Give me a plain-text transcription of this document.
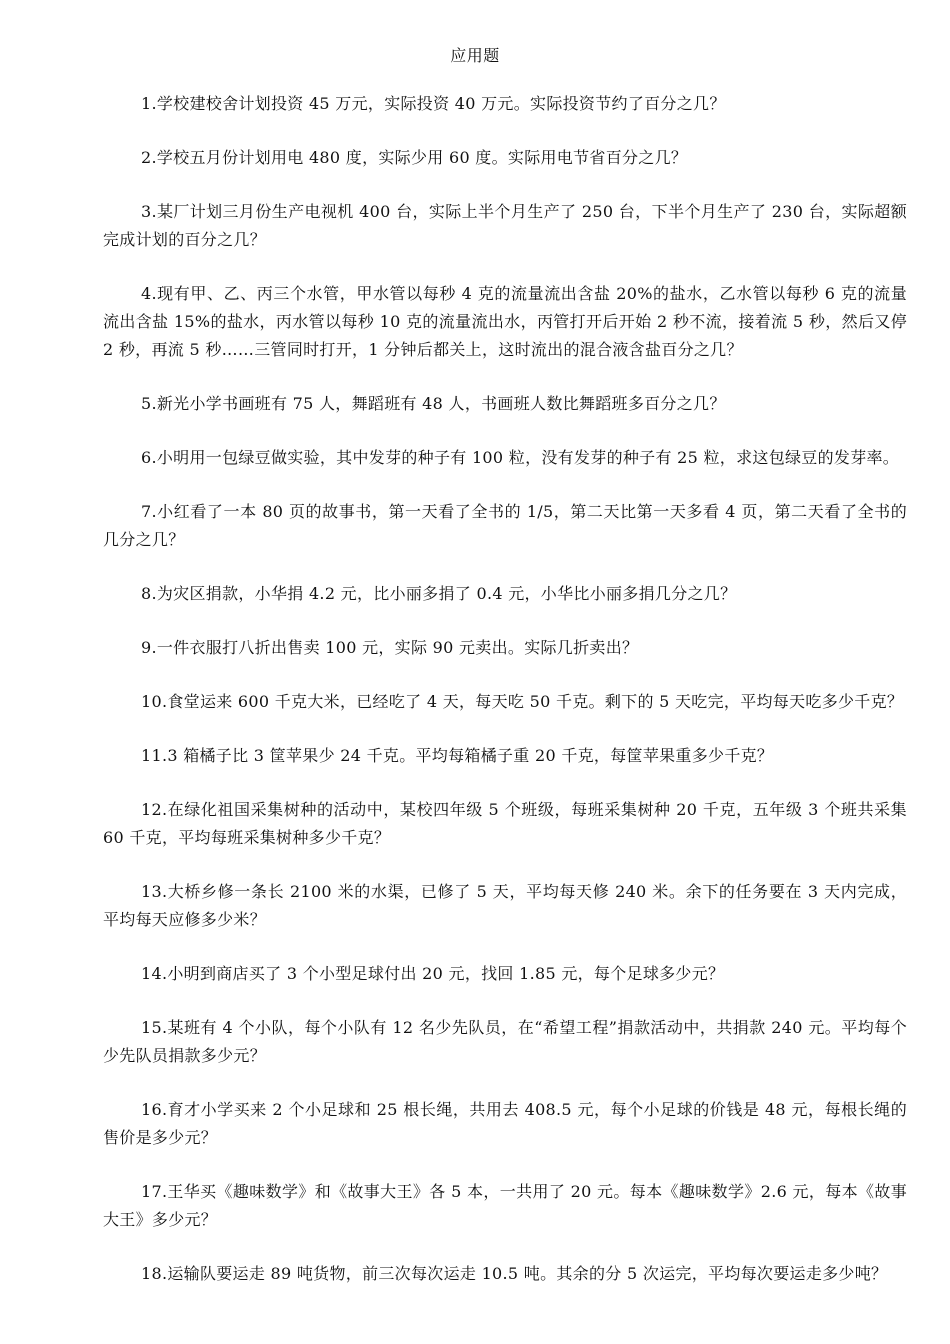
应用题

1.学校建校舍计划投资 45 万元，实际投资 40 万元。实际投资节约了百分之几？

2.学校五月份计划用电 480 度，实际少用 60 度。实际用电节省百分之几？

3.某厂计划三月份生产电视机 400 台，实际上半个月生产了 250 台，下半个月生产了 230 台，实际超额完成计划的百分之几？

4.现有甲、乙、丙三个水管，甲水管以每秒 4 克的流量流出含盐 20%的盐水，乙水管以每秒 6 克的流量流出含盐 15%的盐水，丙水管以每秒 10 克的流量流出水，丙管打开后开始 2 秒不流，接着流 5 秒，然后又停 2 秒，再流 5 秒……三管同时打开，1 分钟后都关上，这时流出的混合液含盐百分之几？

5.新光小学书画班有 75 人，舞蹈班有 48 人，书画班人数比舞蹈班多百分之几？

6.小明用一包绿豆做实验，其中发芽的种子有 100 粒，没有发芽的种子有 25 粒，求这包绿豆的发芽率。

7.小红看了一本 80 页的故事书，第一天看了全书的 1/5，第二天比第一天多看 4 页，第二天看了全书的几分之几？

8.为灾区捐款，小华捐 4.2 元，比小丽多捐了 0.4 元，小华比小丽多捐几分之几？

9.一件衣服打八折出售卖 100 元，实际 90 元卖出。实际几折卖出？

10.食堂运来 600 千克大米，已经吃了 4 天，每天吃 50 千克。剩下的 5 天吃完，平均每天吃多少千克？

11.3 箱橘子比 3 筐苹果少 24 千克。平均每箱橘子重 20 千克，每筐苹果重多少千克？

12.在绿化祖国采集树种的活动中，某校四年级 5 个班级，每班采集树种 20 千克，五年级 3 个班共采集 60 千克，平均每班采集树种多少千克？

13.大桥乡修一条长 2100 米的水渠，已修了 5 天，平均每天修 240 米。余下的任务要在 3 天内完成，平均每天应修多少米？

14.小明到商店买了 3 个小型足球付出 20 元，找回 1.85 元，每个足球多少元？

15.某班有 4 个小队，每个小队有 12 名少先队员，在“希望工程”捐款活动中，共捐款 240 元。平均每个少先队员捐款多少元？

16.育才小学买来 2 个小足球和 25 根长绳，共用去 408.5 元，每个小足球的价钱是 48 元，每根长绳的售价是多少元？

17.王华买《趣味数学》和《故事大王》各 5 本，一共用了 20 元。每本《趣味数学》2.6 元，每本《故事大王》多少元？

18.运输队要运走 89 吨货物，前三次每次运走 10.5 吨。其余的分 5 次运完，平均每次要运走多少吨？
